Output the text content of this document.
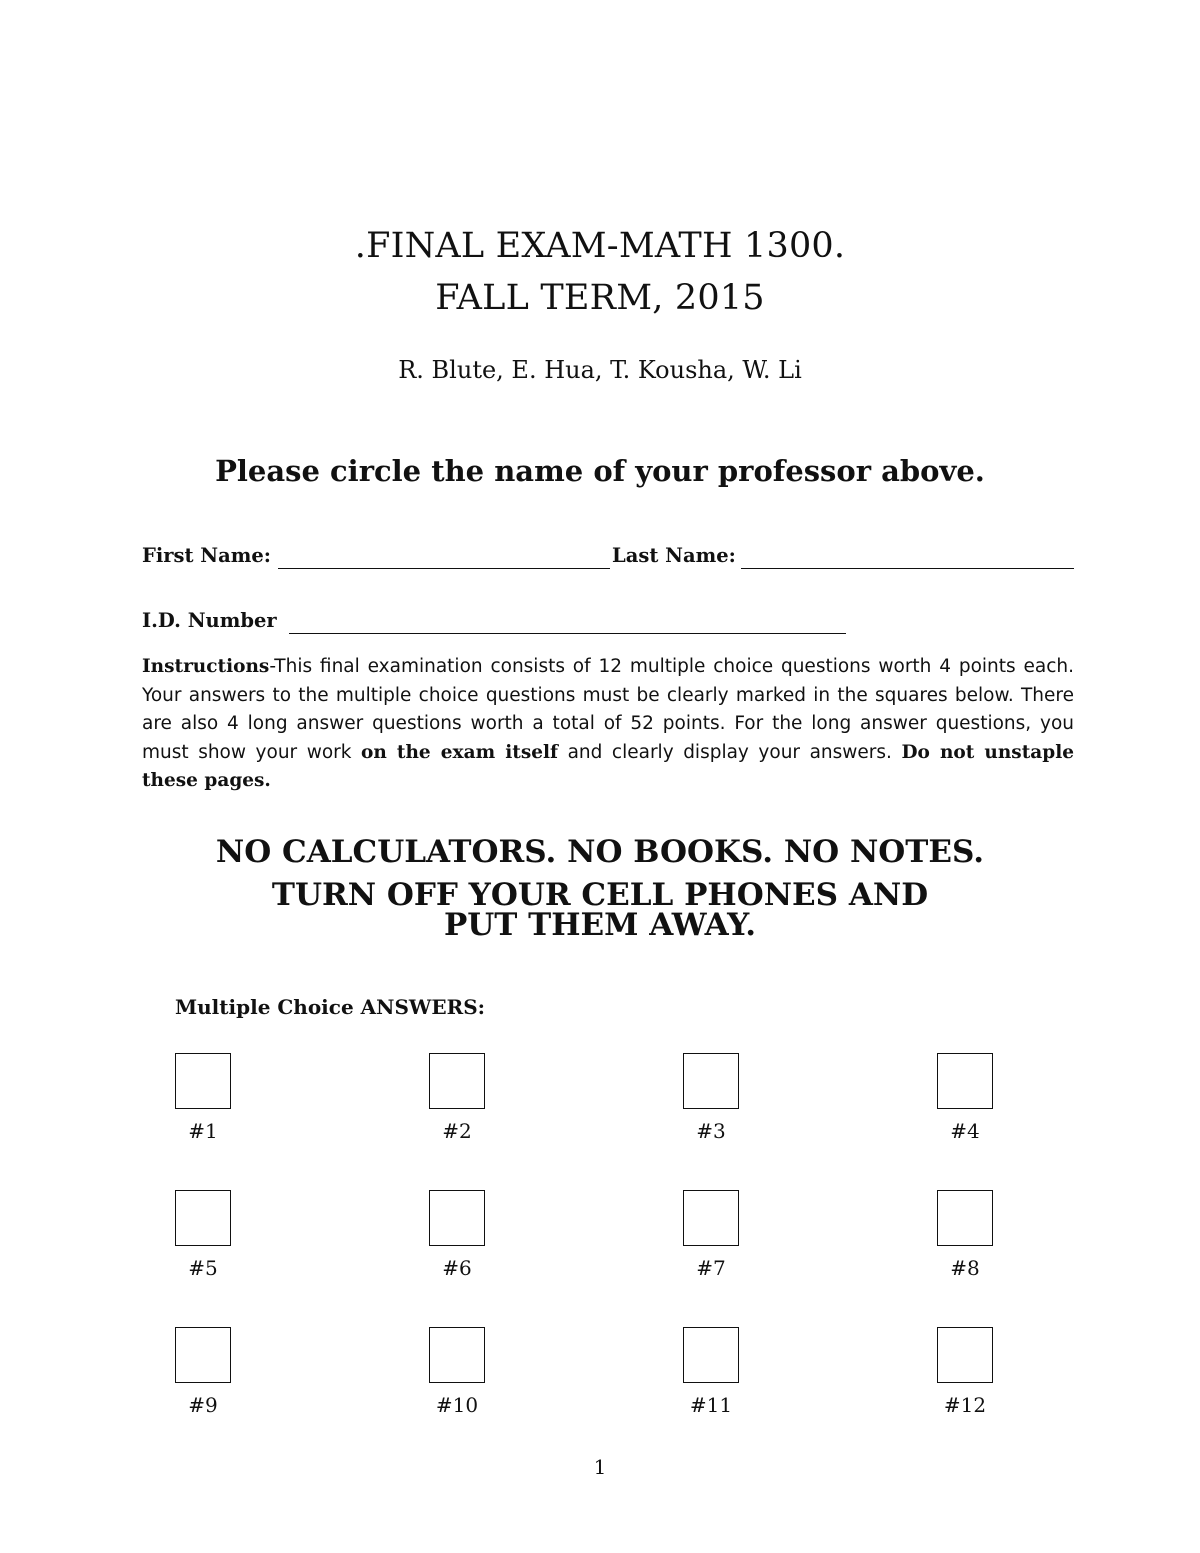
.FINAL EXAM-MATH 1300.
FALL TERM, 2015
R. Blute, E. Hua, T. Kousha, W. Li
Please circle the name of your professor above.
First Name:	Last Name:
I.D. Number
Instructions-This final examination consists of 12 multiple choice questions worth 4 points each. Your answers to the multiple choice questions must be clearly marked in the squares below. There are also 4 long answer questions worth a total of 52 points. For the long answer questions, you must show your work on the exam itself and clearly display your answers. Do not unstaple these pages.
NO CALCULATORS. NO BOOKS. NO NOTES.
TURN OFF YOUR CELL PHONES AND
PUT THEM AWAY.
Multiple Choice ANSWERS:
#1	#2	#3	#4
#5	#6	#7	#8
#9	#10	#11	#12
1
